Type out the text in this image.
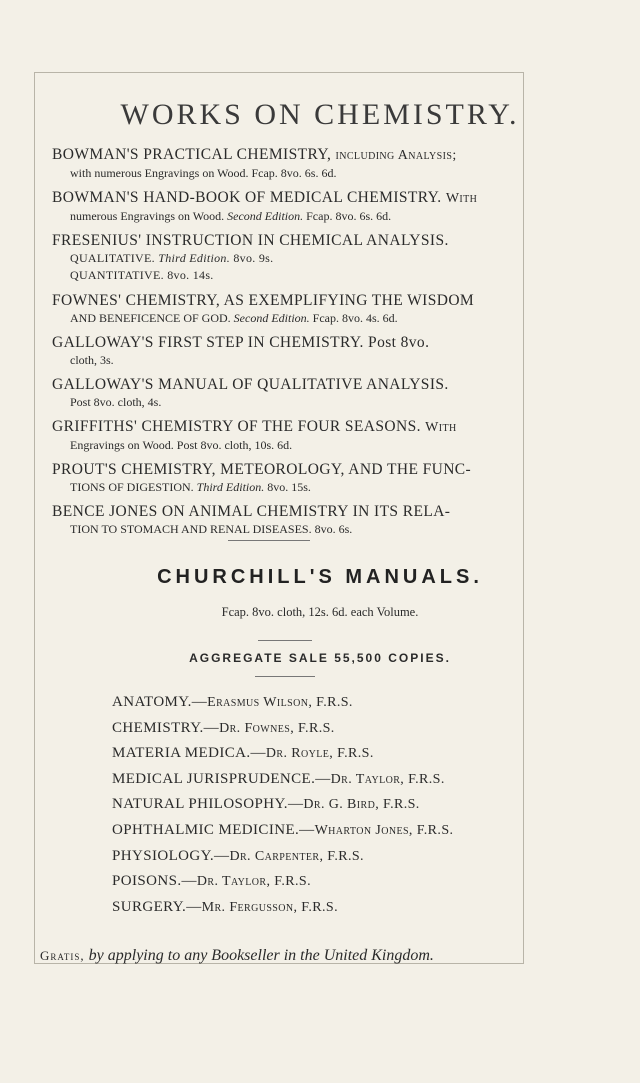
WORKS ON CHEMISTRY.
BOWMAN'S PRACTICAL CHEMISTRY, including Analysis;
with numerous Engravings on Wood. Fcap. 8vo. 6s. 6d.
BOWMAN'S HAND-BOOK OF MEDICAL CHEMISTRY. With
numerous Engravings on Wood. Second Edition. Fcap. 8vo. 6s. 6d.
FRESENIUS' INSTRUCTION IN CHEMICAL ANALYSIS.
QUALITATIVE. Third Edition. 8vo. 9s.
QUANTITATIVE. 8vo. 14s.
FOWNES' CHEMISTRY, AS EXEMPLIFYING THE WISDOM
AND BENEFICENCE OF GOD. Second Edition. Fcap. 8vo. 4s. 6d.
GALLOWAY'S FIRST STEP IN CHEMISTRY. Post 8vo.
cloth, 3s.
GALLOWAY'S MANUAL OF QUALITATIVE ANALYSIS.
Post 8vo. cloth, 4s.
GRIFFITHS' CHEMISTRY OF THE FOUR SEASONS. With
Engravings on Wood. Post 8vo. cloth, 10s. 6d.
PROUT'S CHEMISTRY, METEOROLOGY, AND THE FUNC-
TIONS OF DIGESTION. Third Edition. 8vo. 15s.
BENCE JONES ON ANIMAL CHEMISTRY IN ITS RELA-
TION TO STOMACH AND RENAL DISEASES. 8vo. 6s.
CHURCHILL'S MANUALS.
Fcap. 8vo. cloth, 12s. 6d. each Volume.
AGGREGATE SALE 55,500 COPIES.
ANATOMY.—Erasmus Wilson, F.R.S.
CHEMISTRY.—Dr. Fownes, F.R.S.
MATERIA MEDICA.—Dr. Royle, F.R.S.
MEDICAL JURISPRUDENCE.—Dr. Taylor, F.R.S.
NATURAL PHILOSOPHY.—Dr. G. Bird, F.R.S.
OPHTHALMIC MEDICINE.—Wharton Jones, F.R.S.
PHYSIOLOGY.—Dr. Carpenter, F.R.S.
POISONS.—Dr. Taylor, F.R.S.
SURGERY.—Mr. Fergusson, F.R.S.
Gratis, by applying to any Bookseller in the United Kingdom.
